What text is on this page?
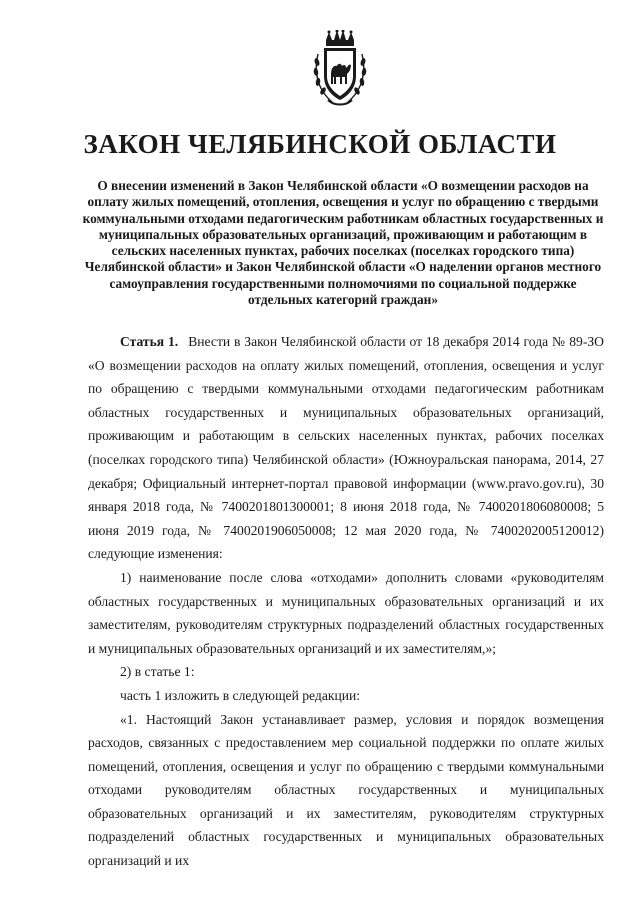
ЗАКОН ЧЕЛЯБИНСКОЙ ОБЛАСТИ
О внесении изменений в Закон Челябинской области «О возмещении расходов на оплату жилых помещений, отопления, освещения и услуг по обращению с твердыми коммунальными отходами педагогическим работникам областных государственных и муниципальных образовательных организаций, проживающим и работающим в сельских населенных пунктах, рабочих поселках (поселках городского типа) Челябинской области» и Закон Челябинской области «О наделении органов местного самоуправления государственными полномочиями по социальной поддержке отдельных категорий граждан»

Статья 1. Внести в Закон Челябинской области от 18 декабря 2014 года № 89-ЗО «О возмещении расходов на оплату жилых помещений, отопления, освещения и услуг по обращению с твердыми коммунальными отходами педагогическим работникам областных государственных и муниципальных образовательных организаций, проживающим и работающим в сельских населенных пунктах, рабочих поселках (поселках городского типа) Челябинской области» (Южноуральская панорама, 2014, 27 декабря; Официальный интернет-портал правовой информации (www.pravo.gov.ru), 30 января 2018 года, № 7400201801300001; 8 июня 2018 года, № 7400201806080008; 5 июня 2019 года, № 7400201906050008; 12 мая 2020 года, № 7400202005120012) следующие изменения:

1) наименование после слова «отходами» дополнить словами «руководителям областных государственных и муниципальных образовательных организаций и их заместителям, руководителям структурных подразделений областных государственных и муниципальных образовательных организаций и их заместителям,»;

2) в статье 1:

часть 1 изложить в следующей редакции:

«1. Настоящий Закон устанавливает размер, условия и порядок возмещения расходов, связанных с предоставлением мер социальной поддержки по оплате жилых помещений, отопления, освещения и услуг по обращению с твердыми коммунальными отходами руководителям областных государственных и муниципальных образовательных организаций и их заместителям, руководителям структурных подразделений областных государственных и муниципальных образовательных организаций и их
